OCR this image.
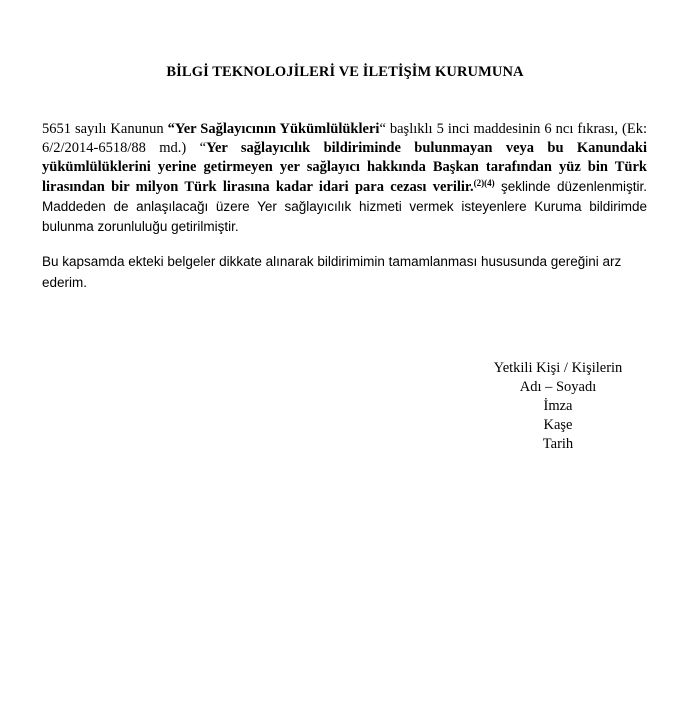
BİLGİ TEKNOLOJİLERİ VE İLETİŞİM KURUMUNA
5651 sayılı Kanunun “Yer Sağlayıcının Yükümlülükleri“ başlıklı 5 inci maddesinin 6 ncı fıkrası, (Ek: 6/2/2014-6518/88 md.) “Yer sağlayıcılık bildiriminde bulunmayan veya bu Kanundaki yükümlülüklerini yerine getirmeyen yer sağlayıcı hakkında Başkan tarafından yüz bin Türk lirasından bir milyon Türk lirasına kadar idari para cezası verilir.$^{(2)(4)}$ şeklinde düzenlenmiştir. Maddeden de anlaşılacağı üzere Yer sağlayıcılık hizmeti vermek isteyenlere Kuruma bildirimde bulunma zorunluluğu getirilmiştir.
Bu kapsamda ekteki belgeler dikkate alınarak bildirimimin tamamlanması hususunda gereğini arz ederim.
Yetkili Kişi / Kişilerin
Adı – Soyadı
İmza
Kaşe
Tarih
